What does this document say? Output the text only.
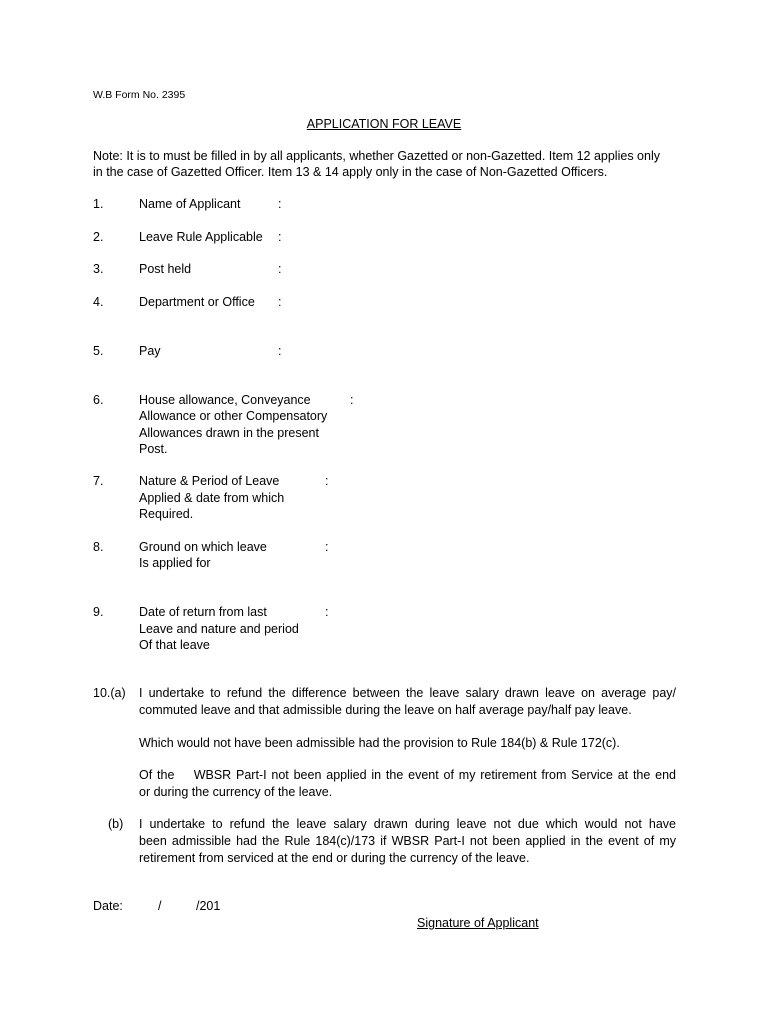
W.B Form No. 2395
APPLICATION FOR LEAVE
Note: It is to must be filled in by all applicants, whether Gazetted or non-Gazetted. Item 12 applies only in the case of Gazetted Officer. Item 13 & 14 apply only in the case of Non-Gazetted Officers.
1.	Name of Applicant	:
2.	Leave Rule Applicable :
3.	Post held	:
4.	Department or Office :
5.	Pay	:
6.	House allowance, Conveyance
Allowance or other Compensatory
Allowances drawn in the present
Post.
:
7.	Nature & Period of Leave
Applied & date from which
Required.
:
8.	Ground on which leave
Is applied for
:
9.	Date of return from last
Leave and nature and period
Of that leave
:
10.(a) I undertake to refund the difference between the leave salary drawn leave on average pay/
commuted leave and that admissible during the leave on half average pay/half pay leave.
Which would not have been admissible had the provision to Rule 184(b) & Rule 172(c).
Of the    WBSR Part-I not been applied in the event of my retirement from Service at the end
or during the currency of the leave.
(b) I undertake to refund the leave salary drawn during leave not due which would not have
been admissible had the Rule 184(c)/173 if WBSR Part-I not been applied in the event of my
retirement from serviced at the end or during the currency of the leave.
Date:	/	/201
Signature of Applicant
